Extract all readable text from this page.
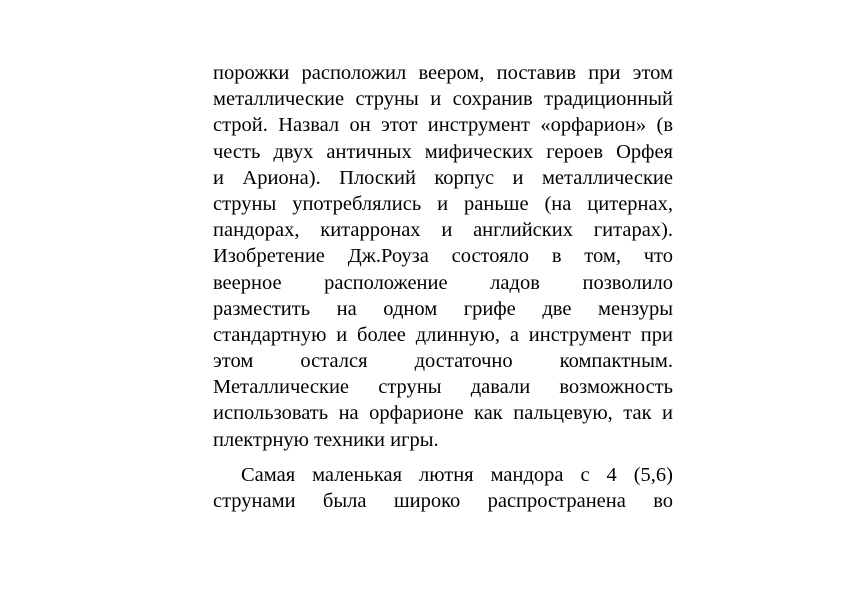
порожки расположил веером, поставив при этом
металлические струны и сохранив традиционный
строй. Назвал он этот инструмент «орфарион» (в
честь двух античных мифических героев Орфея
и Ариона). Плоский корпус и металлические
струны употреблялись и раньше (на цитернах,
пандорах, китарронах и английских гитарах).
Изобретение Дж.Роуза состояло в том, что
веерное расположение ладов позволило
разместить на одном грифе две мензуры
стандартную и более длинную, а инструмент при
этом остался достаточно компактным.
Металлические струны давали возможность
использовать на орфарионе как пальцевую, так и
плектрную техники игры.
Самая маленькая лютня мандора с 4 (5,6)
струнами была широко распространена во
